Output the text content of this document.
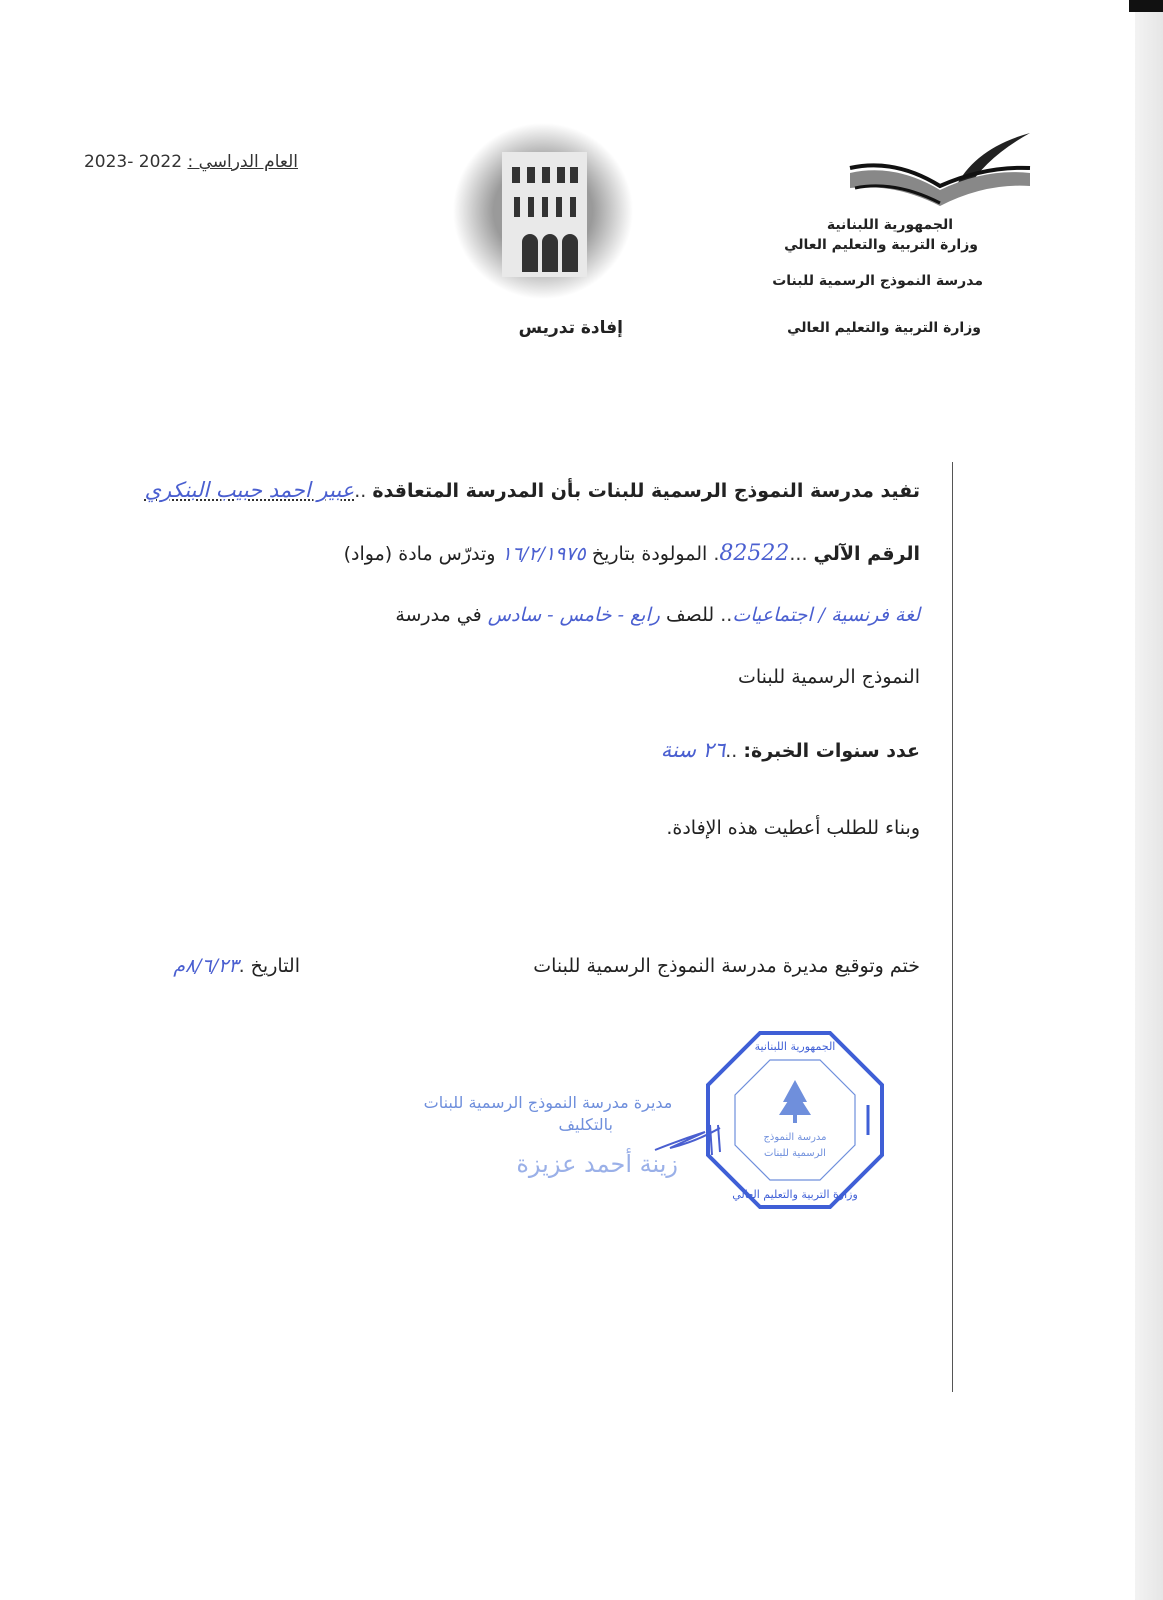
الجمهورية اللبنانية
وزارة التربية والتعليم العالي
مدرسة النموذج الرسمية للبنات
وزارة التربية والتعليم العالي
العام الدراسي : 2023- 2022
إفادة تدريس
تفيد مدرسة النموذج الرسمية للبنات بأن المدرسة المتعاقدة ..عبير احمد حبيب البنكري
الرقم الآلي ...82522. المولودة بتاريخ ١٦/٢/١٩٧٥ وتدرّس مادة (مواد)
لغة فرنسية / اجتماعيات.. للصف رابع - خامس - سادس في مدرسة
النموذج الرسمية للبنات
عدد سنوات الخبرة: ..٢٦ سنة
وبناء للطلب أعطيت هذه الإفادة.
ختم وتوقيع مديرة مدرسة النموذج الرسمية للبنات
التاريخ .٨/٦/٢٣م
مديرة مدرسة النموذج الرسمية للبنات
بالتكليف
زينة أحمد عزيزة
مدرسة النموذج
الرسمية للبنات
الجمهورية اللبنانية
وزارة التربية والتعليم العالي
